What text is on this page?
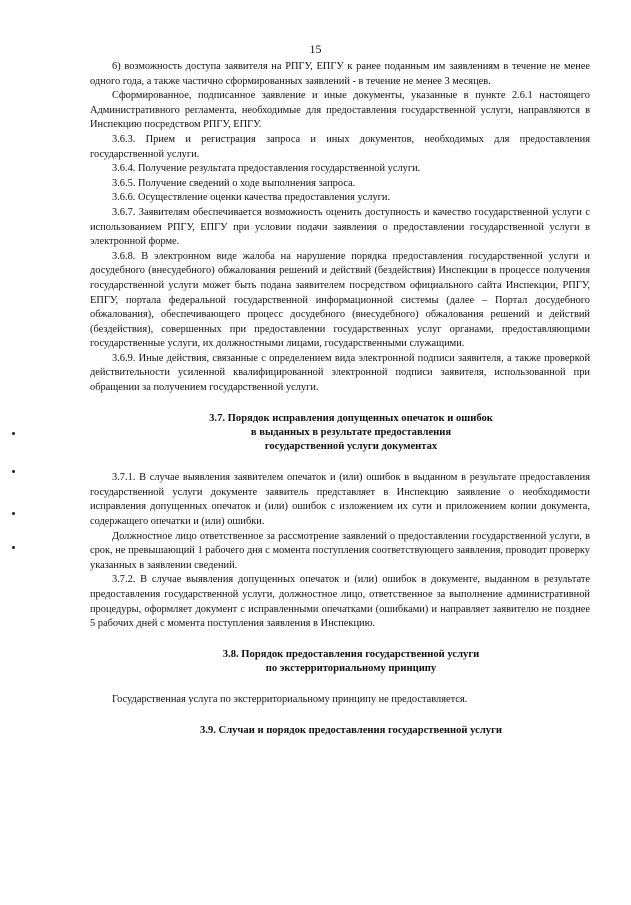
15

6) возможность доступа заявителя на РПГУ, ЕПГУ к ранее поданным им заявлениям в течение не менее одного года, а также частично сформированных заявлений - в течение не менее 3 месяцев.

Сформированное, подписанное заявление и иные документы, указанные в пункте 2.6.1 настоящего Административного регламента, необходимые для предоставления государственной услуги, направляются в Инспекцию посредством РПГУ, ЕПГУ.

3.6.3. Прием и регистрация запроса и иных документов, необходимых для предоставления государственной услуги.

3.6.4. Получение результата предоставления государственной услуги.

3.6.5. Получение сведений о ходе выполнения запроса.

3.6.6. Осуществление оценки качества предоставления услуги.

3.6.7. Заявителям обеспечивается возможность оценить доступность и качество государственной услуги с использованием РПГУ, ЕПГУ при условии подачи заявления о предоставлении государственной услуги в электронной форме.

3.6.8. В электронном виде жалоба на нарушение порядка предоставления государственной услуги и досудебного (внесудебного) обжалования решений и действий (бездействия) Инспекции в процессе получения государственной услуги может быть подана заявителем посредством официального сайта Инспекции, РПГУ, ЕПГУ, портала федеральной государственной информационной системы (далее – Портал досудебного обжалования), обеспечивающего процесс досудебного (внесудебного) обжалования решений и действий (бездействия), совершенных при предоставлении государственных услуг органами, предоставляющими государственные услуги, их должностными лицами, государственными служащими.

3.6.9. Иные действия, связанные с определением вида электронной подписи заявителя, а также проверкой действительности усиленной квалифицированной электронной подписи заявителя, использованной при обращении за получением государственной услуги.

3.7. Порядок исправления допущенных опечаток и ошибок
в выданных в результате предоставления
государственной услуги документах

3.7.1. В случае выявления заявителем опечаток и (или) ошибок в выданном в результате предоставления государственной услуги документе заявитель представляет в Инспекцию заявление о необходимости исправления допущенных опечаток и (или) ошибок с изложением их сути и приложением копии документа, содержащего опечатки и (или) ошибки.

Должностное лицо ответственное за рассмотрение заявлений о предоставлении государственной услуги, в срок, не превышающий 1 рабочего дня с момента поступления соответствующего заявления, проводит проверку указанных в заявлении сведений.

3.7.2. В случае выявления допущенных опечаток и (или) ошибок в документе, выданном в результате предоставления государственной услуги, должностное лицо, ответственное за выполнение административной процедуры, оформляет документ с исправленными опечатками (ошибками) и направляет заявителю не позднее 5 рабочих дней с момента поступления заявления в Инспекцию.

3.8. Порядок предоставления государственной услуги
по экстерриториальному принципу

Государственная услуга по экстерриториальному принципу не предоставляется.

3.9. Случаи и порядок предоставления государственной услуги
